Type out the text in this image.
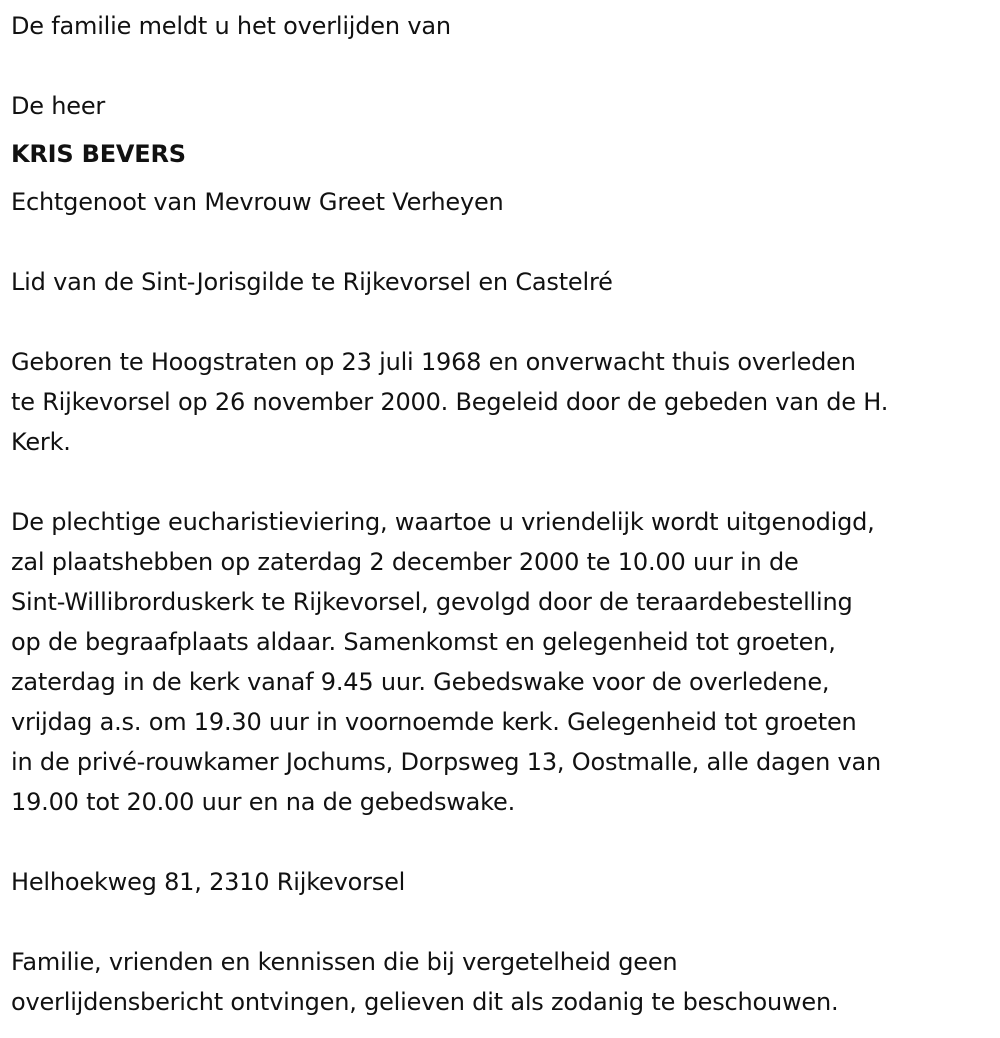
De familie meldt u het overlijden van

De heer

KRIS BEVERS

Echtgenoot van Mevrouw Greet Verheyen

Lid van de Sint-Jorisgilde te Rijkevorsel en Castelré

Geboren te Hoogstraten op 23 juli 1968 en onverwacht thuis overleden

te Rijkevorsel op 26 november 2000. Begeleid door de gebeden van de H.

Kerk.

De plechtige eucharistieviering, waartoe u vriendelijk wordt uitgenodigd,

zal plaatshebben op zaterdag 2 december 2000 te 10.00 uur in de

Sint-Willibrorduskerk te Rijkevorsel, gevolgd door de teraardebestelling

op de begraafplaats aldaar. Samenkomst en gelegenheid tot groeten,

zaterdag in de kerk vanaf 9.45 uur. Gebedswake voor de overledene,

vrijdag a.s. om 19.30 uur in voornoemde kerk. Gelegenheid tot groeten

in de privé-rouwkamer Jochums, Dorpsweg 13, Oostmalle, alle dagen van

19.00 tot 20.00 uur en na de gebedswake.

Helhoekweg 81, 2310 Rijkevorsel

Familie, vrienden en kennissen die bij vergetelheid geen

overlijdensbericht ontvingen, gelieven dit als zodanig te beschouwen.
